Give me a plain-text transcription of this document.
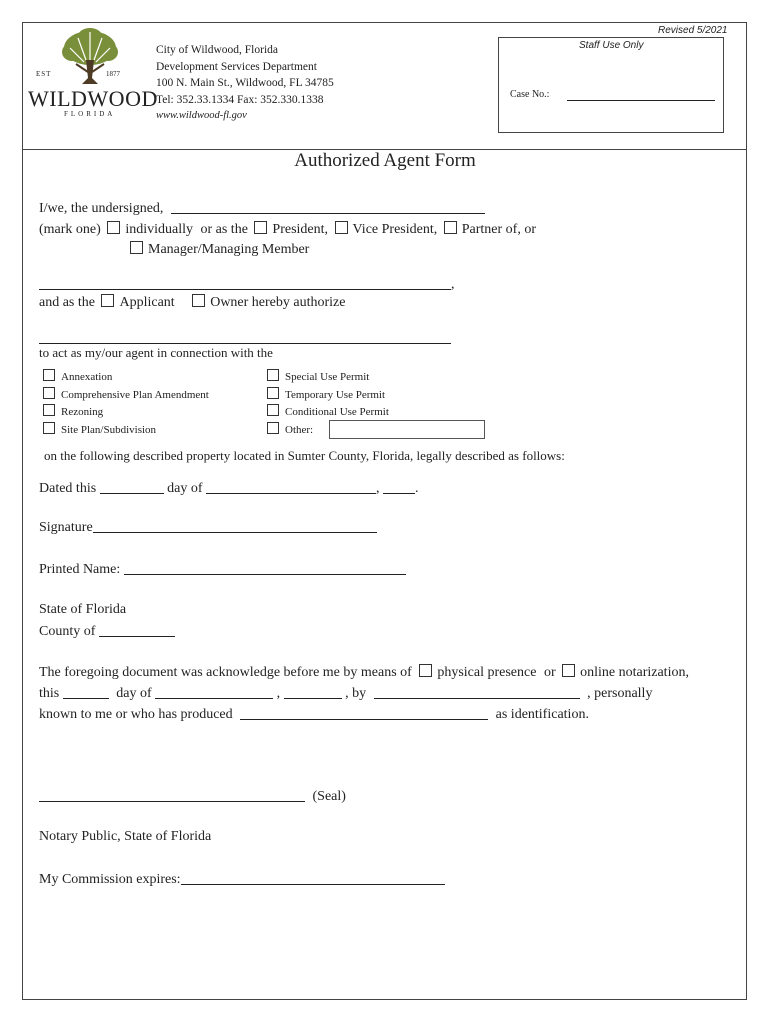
Revised 5/2021
EST	1877
WILDWOOD
FLORIDA
City of Wildwood, Florida
Development Services Department
100 N. Main St., Wildwood, FL 34785
Tel: 352.33.1334 Fax: 352.330.1338
www.wildwood-fl.gov
Staff Use Only
Case No.:
Authorized Agent Form
I/we, the undersigned,
(mark one) individually or as the President, Vice President, Partner of, or
Manager/Managing Member
,
and as the Applicant	Owner hereby authorize
to act as my/our agent in connection with the
Annexation
Comprehensive Plan Amendment
Rezoning
Site Plan/Subdivision
Special Use Permit
Temporary Use Permit
Conditional Use Permit
Other:
on the following described property located in Sumter County, Florida, legally described as follows:
Dated this	day of	,	.
Signature
Printed Name:
State of Florida
County of
The foregoing document was acknowledge before me by means of physical presence or online notarization,
this	day of	,	, by	, personally
known to me or who has produced	as identification.
(Seal)
Notary Public, State of Florida
My Commission expires:
